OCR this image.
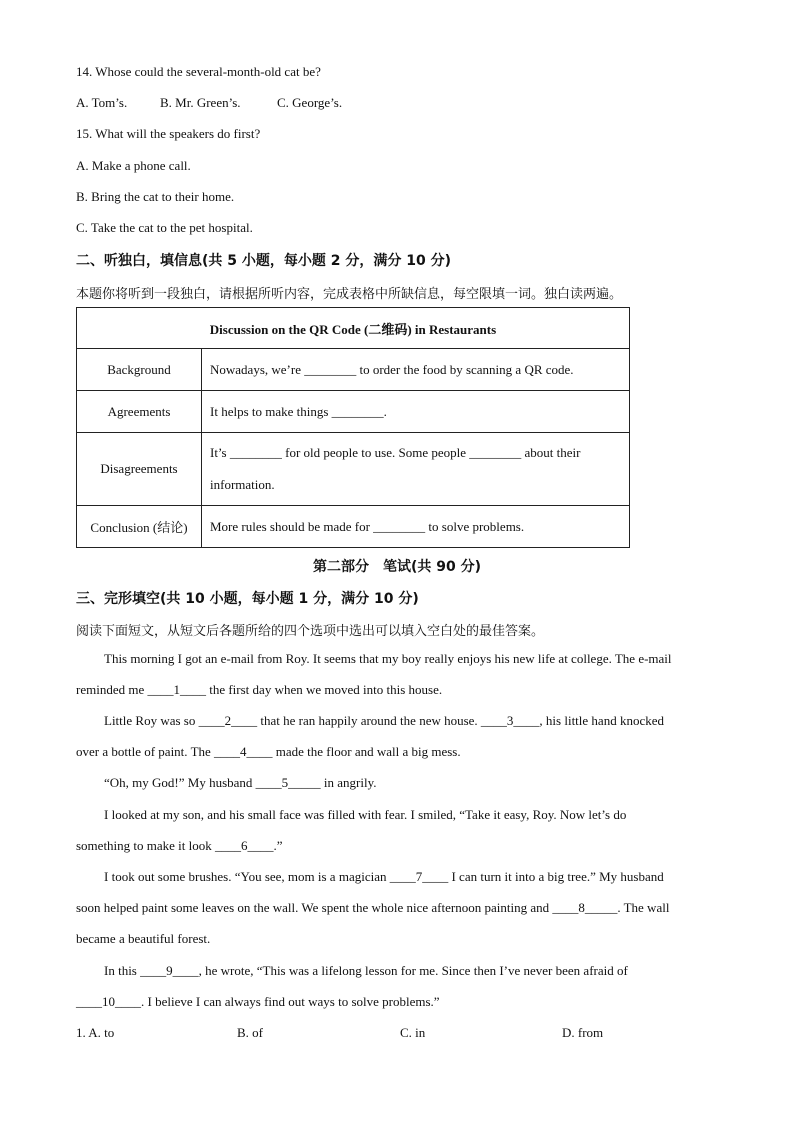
14. Whose could the several-month-old cat be?
A. Tom’s.	B. Mr. Green’s.	C. George’s.
15. What will the speakers do first?
A. Make a phone call.
B. Bring the cat to their home.
C. Take the cat to the pet hospital.
二、听独白，填信息(共 5 小题，每小题 2 分，满分 10 分)
本题你将听到一段独白，请根据所听内容，完成表格中所缺信息，每空限填一词。独白读两遍。
Discussion on the QR Code (二维码) in Restaurants	
Background	Nowadays, we’re ________ to order the food by scanning a QR code.
Agreements	It helps to make things ________.
Disagreements	It’s ________ for old people to use. Some people ________ about their
information.

Conclusion (结论)	More rules should be made for ________ to solve problems.
第二部分　笔试(共 90 分)
三、完形填空(共 10 小题，每小题 1 分，满分 10 分)
阅读下面短文，从短文后各题所给的四个选项中选出可以填入空白处的最佳答案。
This morning I got an e-mail from Roy. It seems that my boy really enjoys his new life at college. The e-mail
reminded me ____1____ the first day when we moved into this house.
Little Roy was so ____2____ that he ran happily around the new house. ____3____, his little hand knocked
over a bottle of paint. The ____4____ made the floor and wall a big mess.
“Oh, my God!” My husband ____5_____ in angrily.
I looked at my son, and his small face was filled with fear. I smiled, “Take it easy, Roy. Now let’s do
something to make it look ____6____.”
I took out some brushes. “You see, mom is a magician ____7____ I can turn it into a big tree.” My husband
soon helped paint some leaves on the wall. We spent the whole nice afternoon painting and ____8_____. The wall
became a beautiful forest.
In this ____9____, he wrote, “This was a lifelong lesson for me. Since then I’ve never been afraid of
____10____. I believe I can always find out ways to solve problems.”
1. A. to	B. of	C. in	D. from
